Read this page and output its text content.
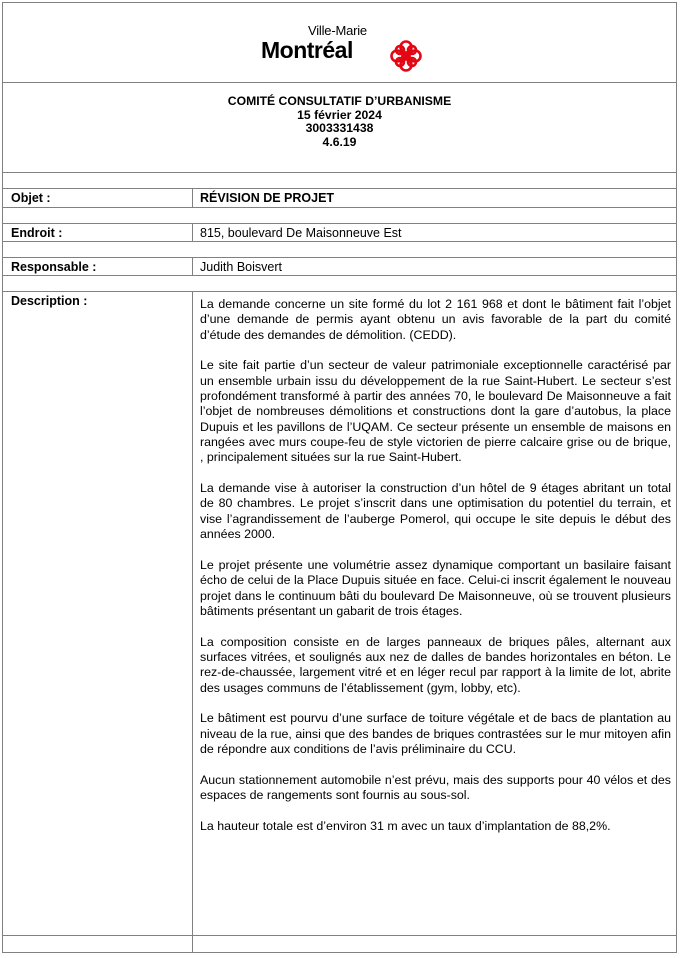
Ville-Marie
Montréal
COMITÉ CONSULTATIF D’URBANISME
15 février 2024
3003331438
4.6.19
Objet :	RÉVISION DE PROJET
Endroit :	815, boulevard De Maisonneuve Est
Responsable :	Judith Boisvert
Description :	La demande concerne un site formé du lot 2 161 968 et dont le bâtiment fait l’objet d’une demande de permis ayant obtenu un avis favorable de la part du comité d’étude des demandes de démolition. (CEDD).

Le site fait partie d’un secteur de valeur patrimoniale exceptionnelle caractérisé par un ensemble urbain issu du développement de la rue Saint-Hubert. Le secteur s’est profondément transformé à partir des années 70, le boulevard De Maisonneuve a fait l’objet de nombreuses démolitions et constructions dont la gare d’autobus, la place Dupuis et les pavillons de l’UQAM. Ce secteur présente un ensemble de maisons en rangées avec murs coupe-feu de style victorien de pierre calcaire grise ou de brique, , principalement situées sur la rue Saint-Hubert.

La demande vise à autoriser la construction d’un hôtel de 9 étages abritant un total de 80 chambres. Le projet s’inscrit dans une optimisation du potentiel du terrain, et vise l’agrandissement de l’auberge Pomerol, qui occupe le site depuis le début des années 2000.

Le projet présente une volumétrie assez dynamique comportant un basilaire faisant écho de celui de la Place Dupuis située en face. Celui-ci inscrit également le nouveau projet dans le continuum bâti du boulevard De Maisonneuve, où se trouvent plusieurs bâtiments présentant un gabarit de trois étages.

La composition consiste en de larges panneaux de briques pâles, alternant aux surfaces vitrées, et soulignés aux nez de dalles de bandes horizontales en béton. Le rez-de-chaussée, largement vitré et en léger recul par rapport à la limite de lot, abrite des usages communs de l’établissement (gym, lobby, etc).

Le bâtiment est pourvu d’une surface de toiture végétale et de bacs de plantation au niveau de la rue, ainsi que des bandes de briques contrastées sur le mur mitoyen afin de répondre aux conditions de l’avis préliminaire du CCU.

Aucun stationnement automobile n’est prévu, mais des supports pour 40 vélos et des espaces de rangements sont fournis au sous-sol.

La hauteur totale est d’environ 31 m avec un taux d’implantation de 88,2%.
